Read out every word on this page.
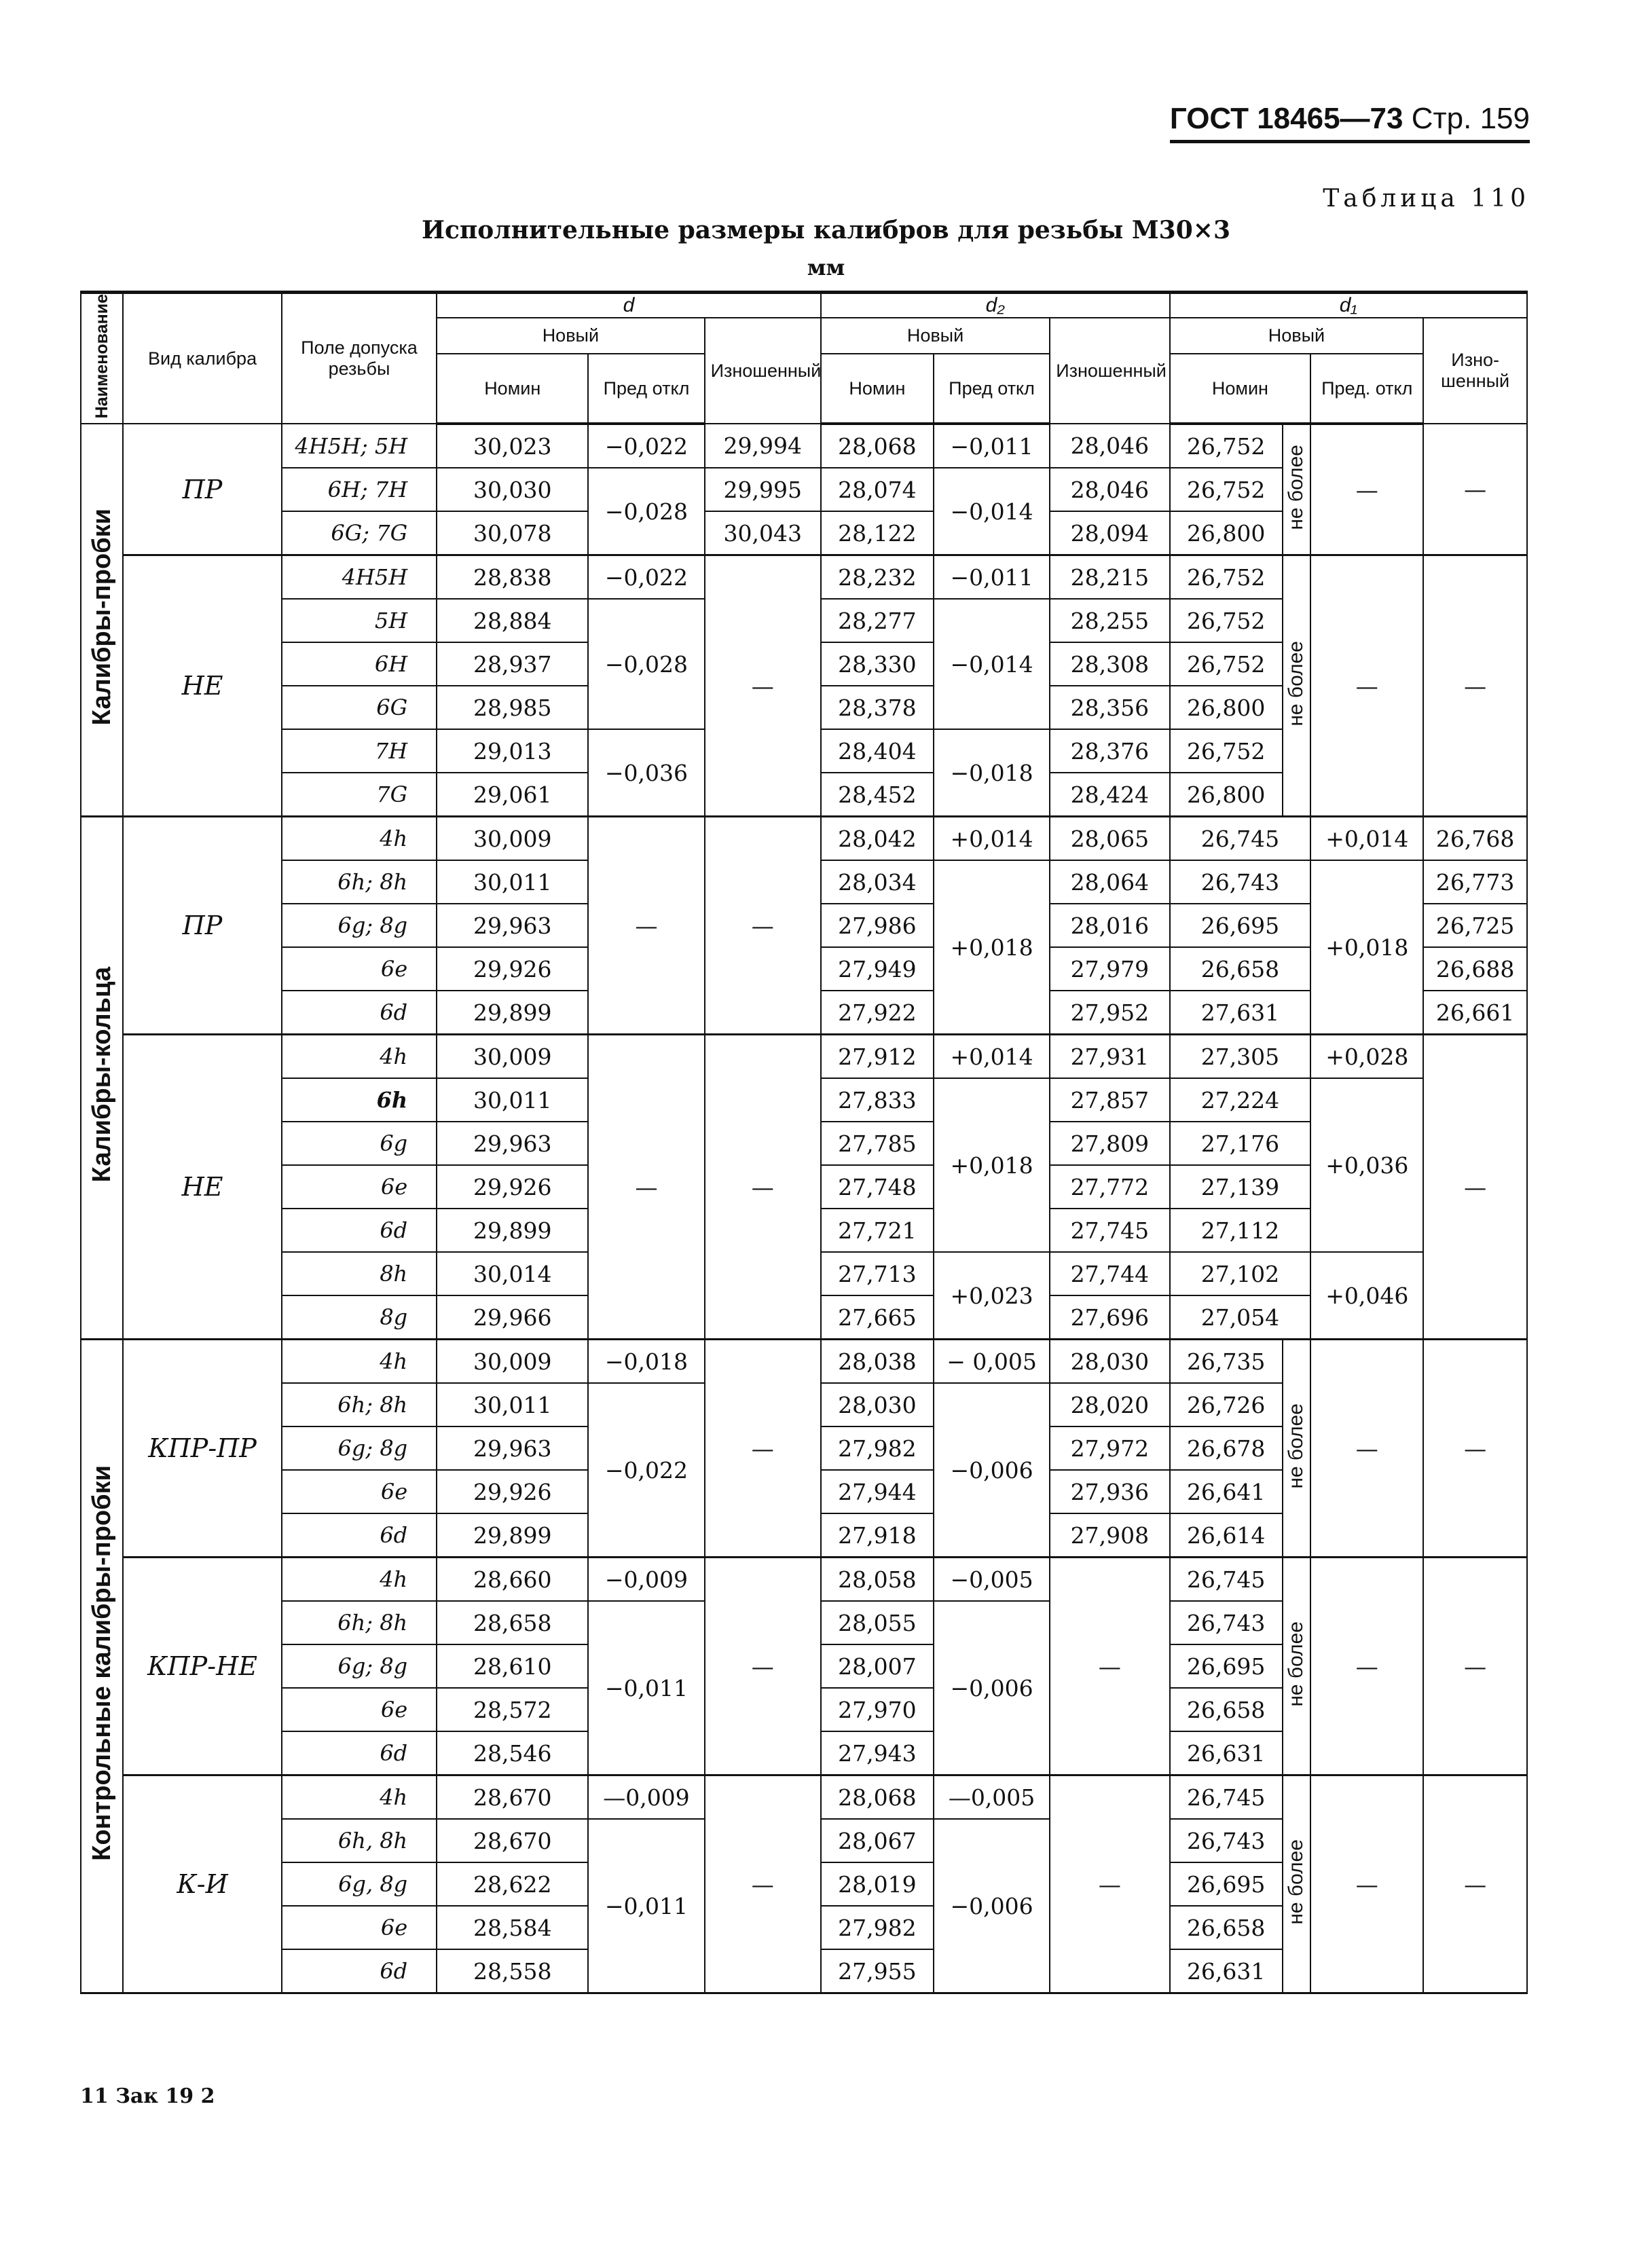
ГОСТ 18465—73 Стр. 159
Таблица 110
Исполнительные размеры калибров для резьбы М30×3
мм
Наименование	Вид калибра	Поле допуска резьбы	d			d₂			d₁			
			Новый		Изношенный	Новый		Изношенный	Новый			Изно-шенный
			Номин	Пред откл		Номин	Пред откл		Номин		Пред. откл	
Калибры-пробки	ПР	4H5H; 5H	30,023	−0,022	29,994	28,068	−0,011	28,046	26,752	не более	—	—
		6H; 7H	30,030	−0,028	29,995	28,074	−0,014	28,046	26,752			
		6G; 7G	30,078		30,043	28,122		28,094	26,800			
	НЕ	4H5H	28,838	−0,022	—	28,232	−0,011	28,215	26,752	не более	—	—
		5H	28,884	−0,028		28,277	−0,014	28,255	26,752			
		6H	28,937			28,330		28,308	26,752			
		6G	28,985			28,378		28,356	26,800			
		7H	29,013	−0,036		28,404	−0,018	28,376	26,752			
		7G	29,061			28,452		28,424	26,800			
Калибры-кольца	ПР	4h	30,009	—	—	28,042	+0,014	28,065	26,745		+0,014	26,768
		6h; 8h	30,011			28,034	+0,018	28,064	26,743		+0,018	26,773
		6g; 8g	29,963			27,986		28,016	26,695			26,725
		6e	29,926			27,949		27,979	26,658			26,688
		6d	29,899			27,922		27,952	27,631			26,661
	НЕ	4h	30,009	—	—	27,912	+0,014	27,931	27,305		+0,028	—
		6h	30,011			27,833	+0,018	27,857	27,224		+0,036	
		6g	29,963			27,785		27,809	27,176			
		6e	29,926			27,748		27,772	27,139			
		6d	29,899			27,721		27,745	27,112			
		8h	30,014			27,713	+0,023	27,744	27,102		+0,046	
		8g	29,966			27,665		27,696	27,054			
Контрольные калибры-пробки	КПР-ПР	4h	30,009	−0,018	—	28,038	− 0,005	28,030	26,735	не более	—	—
		6h; 8h	30,011	−0,022		28,030	−0,006	28,020	26,726			
		6g; 8g	29,963			27,982		27,972	26,678			
		6e	29,926			27,944		27,936	26,641			
		6d	29,899			27,918		27,908	26,614			
	КПР-НЕ	4h	28,660	−0,009	—	28,058	−0,005	—	26,745	не более	—	—
		6h; 8h	28,658	−0,011		28,055	−0,006		26,743			
		6g; 8g	28,610			28,007			26,695			
		6e	28,572			27,970			26,658			
		6d	28,546			27,943			26,631			
	К-И	4h	28,670	—0,009	—	28,068	—0,005	—	26,745	не более	—	—
		6h, 8h	28,670	−0,011		28,067	−0,006		26,743			
		6g, 8g	28,622			28,019			26,695			
		6e	28,584			27,982			26,658			
		6d	28,558			27,955			26,631			
11 Зак 19 2
